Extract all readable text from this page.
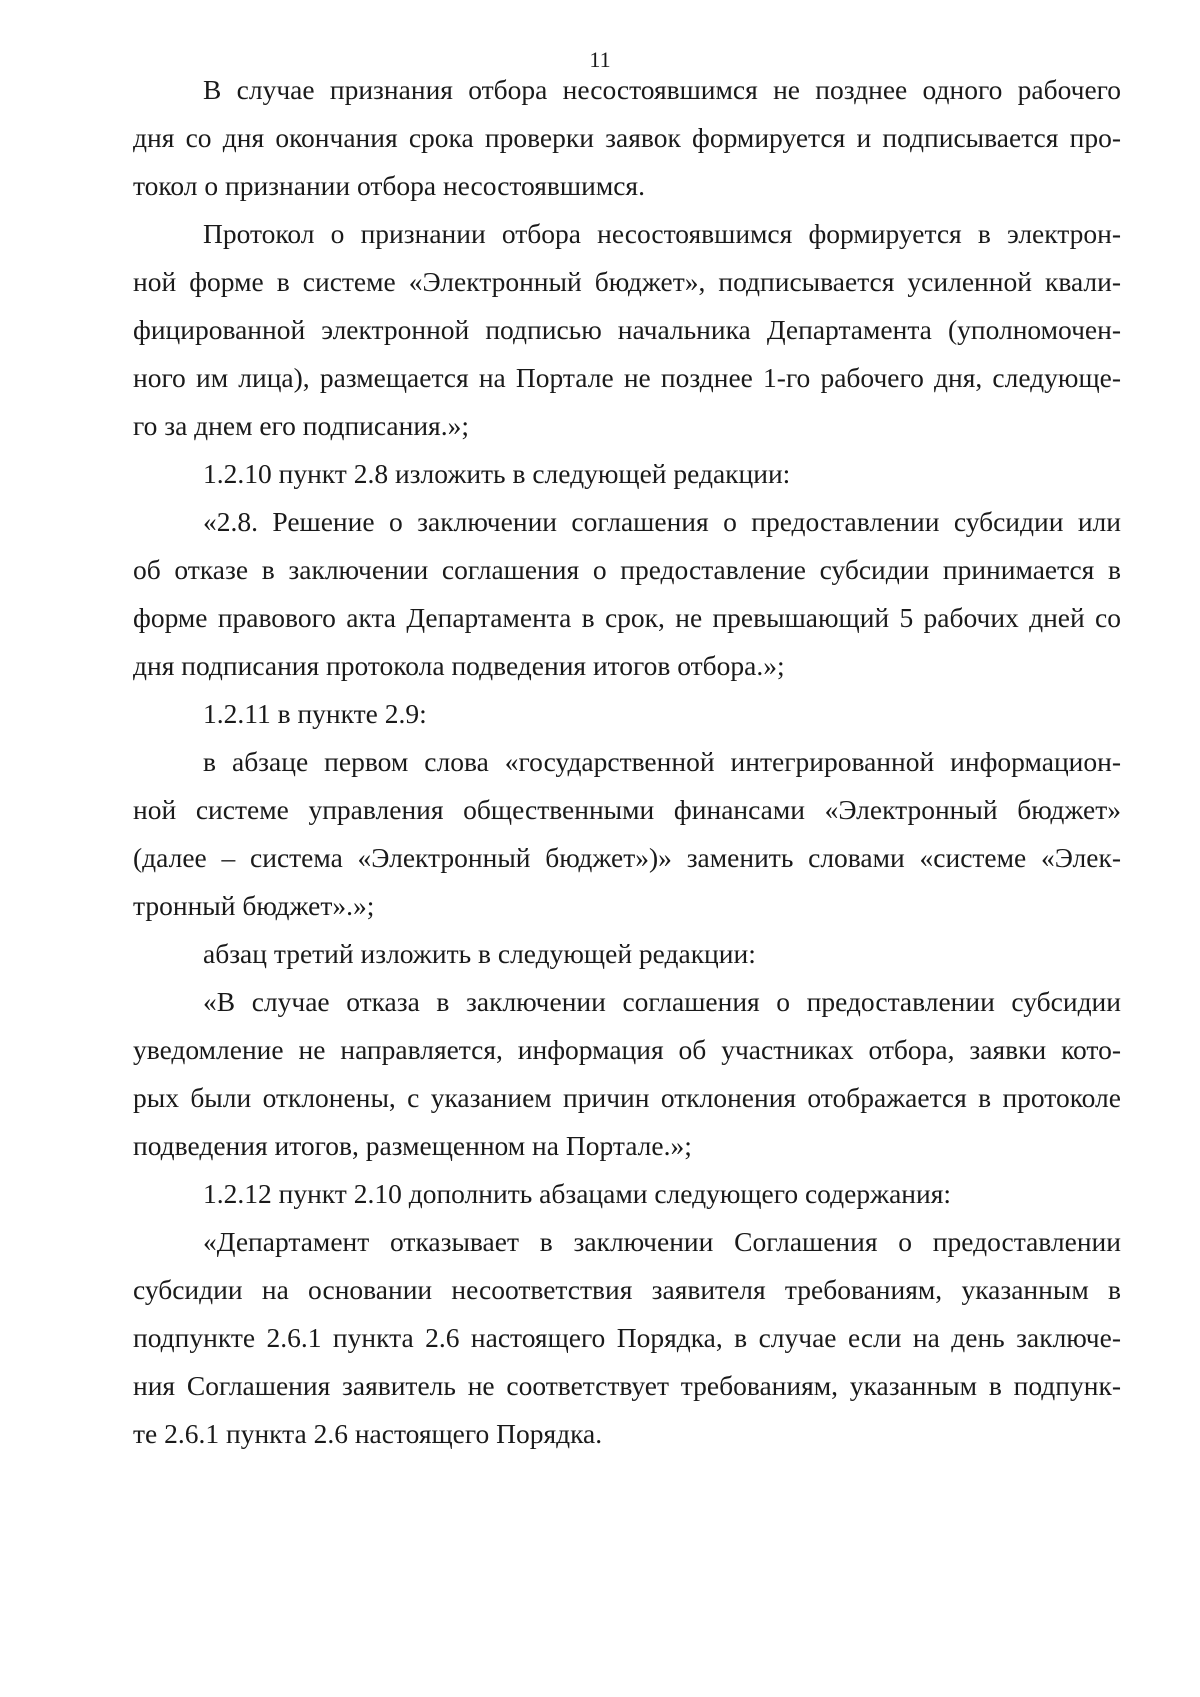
11
В случае признания отбора несостоявшимся не позднее одного рабочего
дня со дня окончания срока проверки заявок формируется и подписывается про-
токол о признании отбора несостоявшимся.
Протокол о признании отбора несостоявшимся формируется в электрон-
ной форме в системе «Электронный бюджет», подписывается усиленной квали-
фицированной электронной подписью начальника Департамента (уполномочен-
ного им лица), размещается на Портале не позднее 1-го рабочего дня, следующе-
го за днем его подписания.»;
1.2.10 пункт 2.8 изложить в следующей редакции:
«2.8. Решение о заключении соглашения о предоставлении субсидии или
об отказе в заключении соглашения о предоставление субсидии принимается в
форме правового акта Департамента в срок, не превышающий 5 рабочих дней со
дня подписания протокола подведения итогов отбора.»;
1.2.11 в пункте 2.9:
в абзаце первом слова «государственной интегрированной информацион-
ной системе управления общественными финансами «Электронный бюджет»
(далее – система «Электронный бюджет»)» заменить словами «системе «Элек-
тронный бюджет».»;
абзац третий изложить в следующей редакции:
«В случае отказа в заключении соглашения о предоставлении субсидии
уведомление не направляется, информация об участниках отбора, заявки кото-
рых были отклонены, с указанием причин отклонения отображается в протоколе
подведения итогов, размещенном на Портале.»;
1.2.12 пункт 2.10 дополнить абзацами следующего содержания:
«Департамент отказывает в заключении Соглашения о предоставлении
субсидии на основании несоответствия заявителя требованиям, указанным в
подпункте 2.6.1 пункта 2.6 настоящего Порядка, в случае если на день заключе-
ния Соглашения заявитель не соответствует требованиям, указанным в подпунк-
те 2.6.1 пункта 2.6 настоящего Порядка.
